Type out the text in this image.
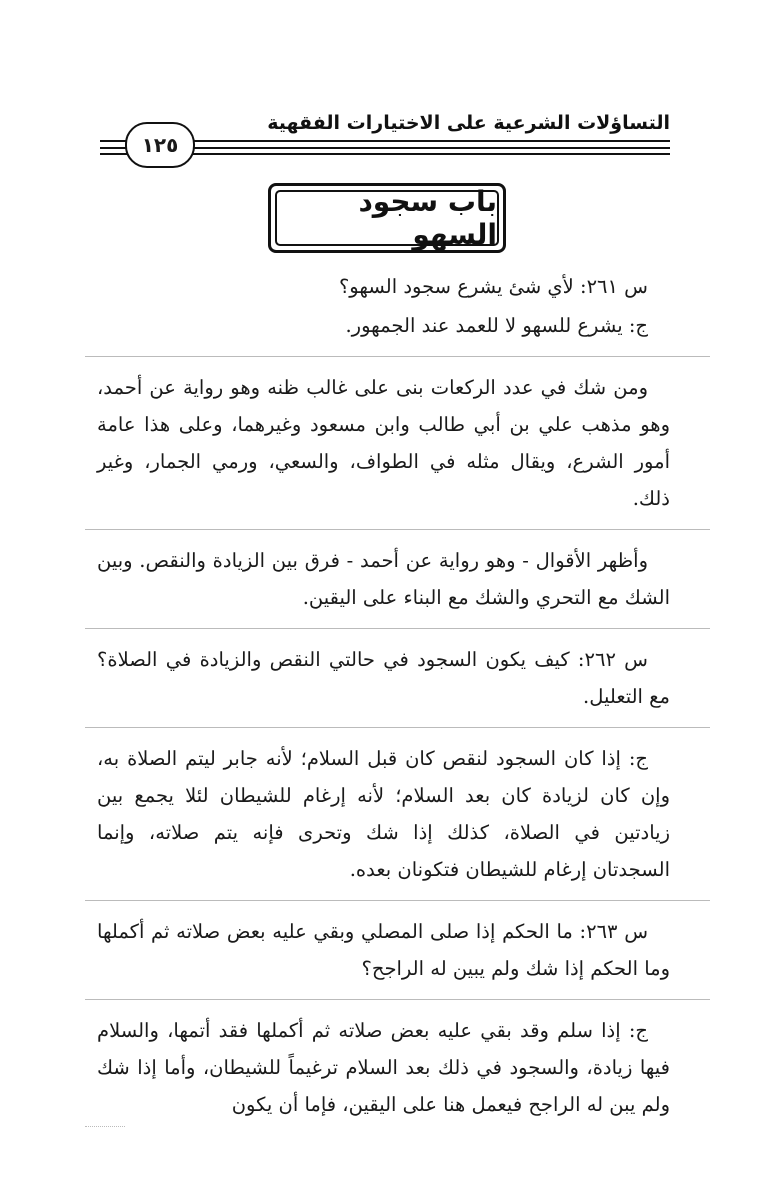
التساؤلات الشرعية على الاختيارات الفقهية
١٢٥
باب سجود السهو

س ٢٦١: لأي شئ يشرع سجود السهو؟

ج: يشرع للسهو لا للعمد عند الجمهور.

ومن شك في عدد الركعات بنى على غالب ظنه وهو رواية عن أحمد، وهو مذهب علي بن أبي طالب وابن مسعود وغيرهما، وعلى هذا عامة أمور الشرع، ويقال مثله في الطواف، والسعي، ورمي الجمار، وغير ذلك.

وأظهر الأقوال - وهو رواية عن أحمد - فرق بين الزيادة والنقص. وبين الشك مع التحري والشك مع البناء على اليقين.

س ٢٦٢: كيف يكون السجود في حالتي النقص والزيادة في الصلاة؟ مع التعليل.

ج: إذا كان السجود لنقص كان قبل السلام؛ لأنه جابر ليتم الصلاة به، وإن كان لزيادة كان بعد السلام؛ لأنه إرغام للشيطان لئلا يجمع بين زيادتين في الصلاة، كذلك إذا شك وتحرى فإنه يتم صلاته، وإنما السجدتان إرغام للشيطان فتكونان بعده.

س ٢٦٣: ما الحكم إذا صلى المصلي وبقي عليه بعض صلاته ثم أكملها وما الحكم إذا شك ولم يبين له الراجح؟

ج: إذا سلم وقد بقي عليه بعض صلاته ثم أكملها فقد أتمها، والسلام فيها زيادة، والسجود في ذلك بعد السلام ترغيماً للشيطان، وأما إذا شك ولم يبن له الراجح فيعمل هنا على اليقين، فإما أن يكون
